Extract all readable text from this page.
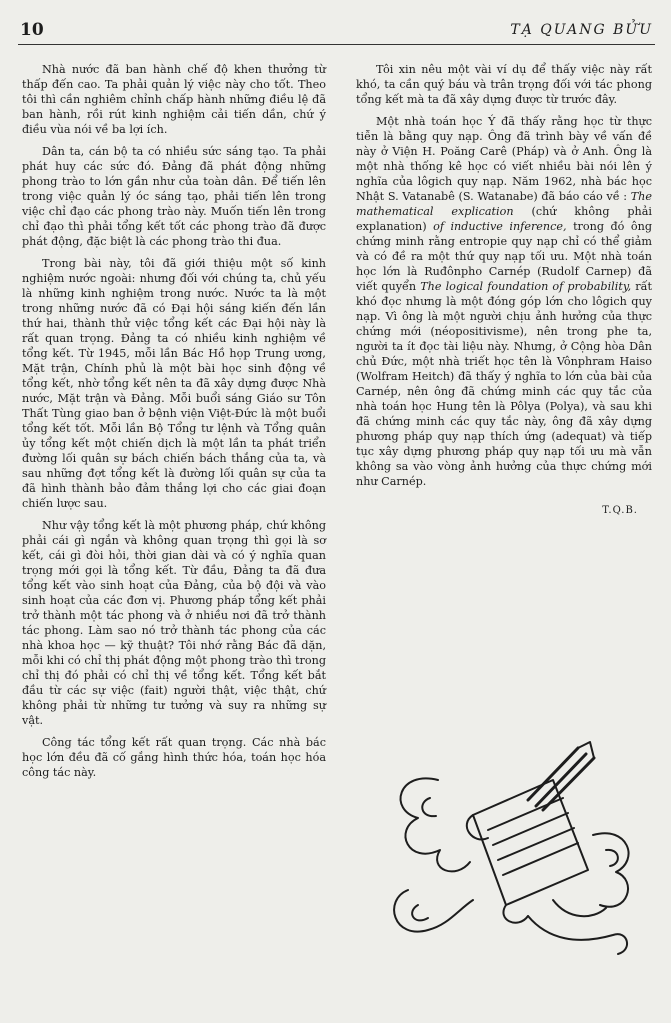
10	TẠ QUANG BỬU

Nhà nước đã ban hành chế độ khen thưởng từ thấp đến cao. Ta phải quản lý việc này cho tốt. Theo tôi thì cần nghiêm chỉnh chấp hành những điều lệ đã ban hành, rồi rút kinh nghiệm cải tiến dần, chứ ý điều vùa nói về ba lợi ích.

Dân ta, cán bộ ta có nhiều sức sáng tạo. Ta phải phát huy các sức đó. Đảng đã phát động những phong trào to lớn gần như của toàn dân. Để tiến lên trong việc quản lý óc sáng tạo, phải tiến lên trong việc chỉ đạo các phong trào này. Muốn tiến lên trong chỉ đạo thì phải tổng kết tốt các phong trào đã được phát động, đặc biệt là các phong trào thi đua.

Trong bài này, tôi đã giới thiệu một số kinh nghiệm nước ngoài: nhưng đối với chúng ta, chủ yếu là những kinh nghiệm trong nước. Nước ta là một trong những nước đã có Đại hội sáng kiến đến lần thứ hai, thành thử việc tổng kết các Đại hội này là rất quan trọng. Đảng ta có nhiều kinh nghiệm về tổng kết. Từ 1945, mỗi lần Bác Hồ họp Trung ương, Mặt trận, Chính phủ là một bài học sinh động về tổng kết, nhờ tổng kết nên ta đã xây dựng được Nhà nước, Mặt trận và Đảng. Mỗi buổi sáng Giáo sư Tôn Thất Tùng giao ban ở bệnh viện Việt-Đức là một buổi tổng kết tốt. Mỗi lần Bộ Tổng tư lệnh và Tổng quân ủy tổng kết một chiến dịch là một lần ta phát triển đường lối quân sự bách chiến bách thắng của ta, và sau những đợt tổng kết là đường lối quân sự của ta đã hình thành bảo đảm thắng lợi cho các giai đoạn chiến lược sau.

Như vậy tổng kết là một phương pháp, chứ không phải cái gì ngắn và không quan trọng thì gọi là sơ kết, cái gì đòi hỏi, thời gian dài và có ý nghĩa quan trọng mới gọi là tổng kết. Từ đầu, Đảng ta đã đưa tổng kết vào sinh hoạt của Đảng, của bộ đội và vào sinh hoạt của các đơn vị. Phương pháp tổng kết phải trở thành một tác phong và ở nhiều nơi đã trở thành tác phong. Làm sao nó trở thành tác phong của các nhà khoa học — kỹ thuật? Tôi nhớ rằng Bác đã dặn, mỗi khi có chỉ thị phát động một phong trào thì trong chỉ thị đó phải có chỉ thị về tổng kết. Tổng kết bắt đầu từ các sự việc (fait) người thật, việc thật, chứ không phải từ những tư tưởng và suy ra những sự vật.

Công tác tổng kết rất quan trọng. Các nhà bác học lớn đều đã cố gắng hình thức hóa, toán học hóa công tác này.

Tôi xin nêu một vài ví dụ để thấy việc này rất khó, ta cần quý báu và trân trọng đối với tác phong tổng kết mà ta đã xây dựng được từ trước đây.

Một nhà toán học Ý đã thấy rằng học từ thực tiễn là bằng quy nạp. Ông đã trình bày về vấn đề này ở Viện H. Poăng Carê (Pháp) và ở Anh. Ông là một nhà thống kê học có viết nhiều bài nói lên ý nghĩa của lôgich quy nạp. Năm 1962, nhà bác học Nhật S. Vatanabê (S. Watanabe) đã báo cáo về : The mathematical explication (chứ không phải explanation) of inductive inference, trong đó ông chứng minh rằng entropie quy nạp chỉ có thể giảm và có đề ra một thứ quy nạp tối ưu. Một nhà toán học lớn là Ruđônpho Carnép (Rudolf Carnep) đã viết quyển The logical foundation of probability, rất khó đọc nhưng là một đóng góp lớn cho lôgich quy nạp. Vì ông là một người chịu ảnh hưởng của thực chứng mới (néopositivisme), nên trong phe ta, người ta ít đọc tài liệu này. Nhưng, ở Cộng hòa Dân chủ Đức, một nhà triết học tên là Vônphram Haiso (Wolfram Heitch) đã thấy ý nghĩa to lớn của bài của Carnép, nên ông đã chứng minh các quy tắc của nhà toán học Hung tên là Pôlya (Polya), và sau khi đã chứng minh các quy tắc này, ông đã xây dựng phương pháp quy nạp thích ứng (adequat) và tiếp tục xây dựng phương pháp quy nạp tối ưu mà vẫn không sa vào vòng ảnh hưởng của thực chứng mới như Carnép.

T.Q.B.
